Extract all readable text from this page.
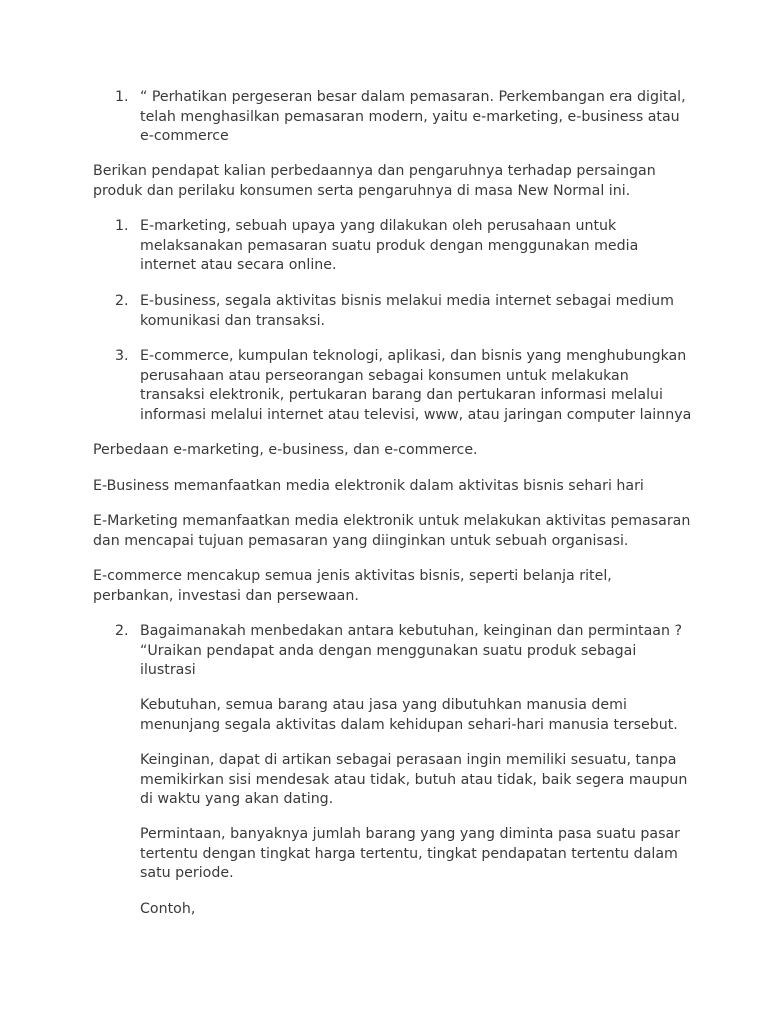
1. “ Perhatikan pergeseran besar dalam pemasaran. Perkembangan era digital, telah menghasilkan pemasaran modern, yaitu e-marketing, e-business atau e-commerce

Berikan pendapat kalian perbedaannya dan pengaruhnya terhadap persaingan produk dan perilaku konsumen serta pengaruhnya di masa New Normal ini.

1. E-marketing, sebuah upaya yang dilakukan oleh perusahaan untuk melaksanakan pemasaran suatu produk dengan menggunakan media internet atau secara online.
2. E-business, segala aktivitas bisnis melakui media internet sebagai medium komunikasi dan transaksi.
3. E-commerce, kumpulan teknologi, aplikasi, dan bisnis yang menghubungkan perusahaan atau perseorangan sebagai konsumen untuk melakukan transaksi elektronik, pertukaran barang dan pertukaran informasi melalui informasi melalui internet atau televisi, www, atau jaringan computer lainnya

Perbedaan e-marketing, e-business, dan e-commerce.

E-Business memanfaatkan media elektronik dalam aktivitas bisnis sehari hari

E-Marketing memanfaatkan media elektronik untuk melakukan aktivitas pemasaran dan mencapai tujuan pemasaran yang diinginkan untuk sebuah organisasi.

E-commerce mencakup semua jenis aktivitas bisnis, seperti belanja ritel, perbankan, investasi dan persewaan.

2. Bagaimanakah menbedakan antara kebutuhan, keinginan dan permintaan ? “Uraikan pendapat anda dengan menggunakan suatu produk sebagai ilustrasi

Kebutuhan, semua barang atau jasa yang dibutuhkan manusia demi menunjang segala aktivitas dalam kehidupan sehari-hari manusia tersebut.

Keinginan, dapat di artikan sebagai perasaan ingin memiliki sesuatu, tanpa memikirkan sisi mendesak atau tidak, butuh atau tidak, baik segera maupun di waktu yang akan dating.

Permintaan, banyaknya jumlah barang yang yang diminta pasa suatu pasar tertentu dengan tingkat harga tertentu, tingkat pendapatan tertentu dalam satu periode.

Contoh,
